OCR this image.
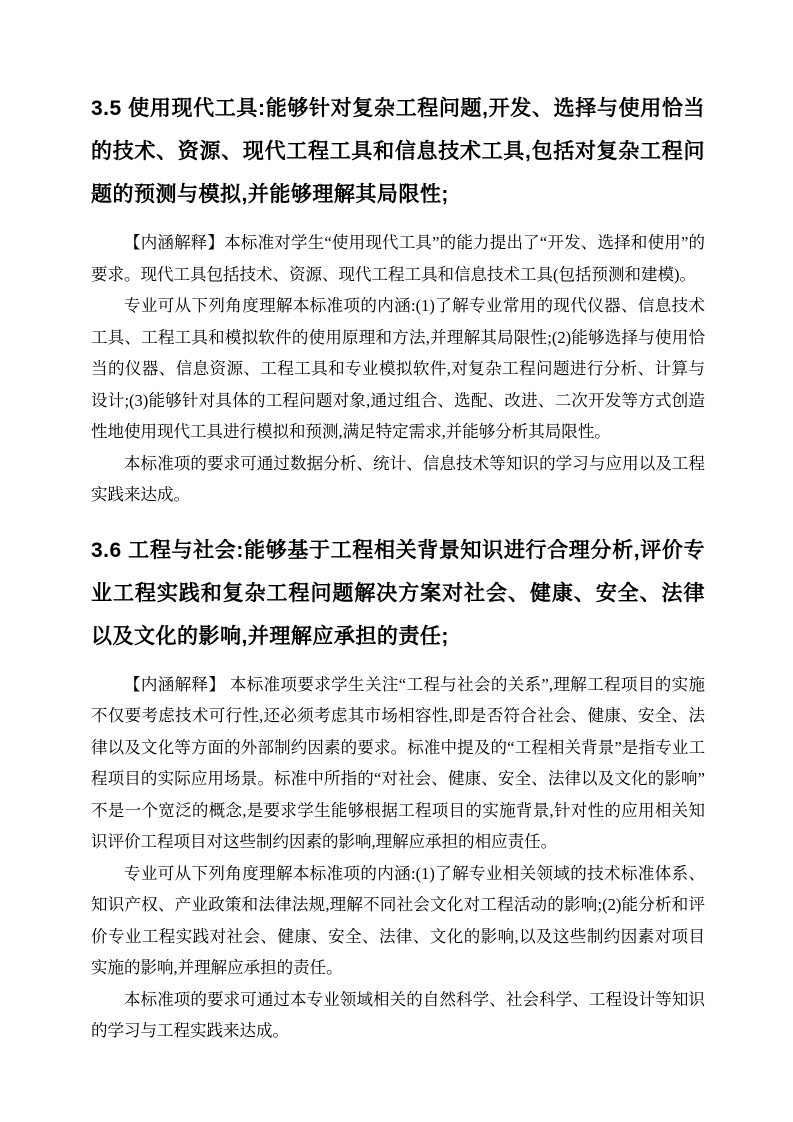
3.5 使用现代工具:能够针对复杂工程问题,开发、选择与使用恰当的技术、资源、现代工程工具和信息技术工具,包括对复杂工程问题的预测与模拟,并能够理解其局限性;

【内涵解释】本标准对学生“使用现代工具”的能力提出了“开发、选择和使用”的要求。现代工具包括技术、资源、现代工程工具和信息技术工具(包括预测和建模)。

专业可从下列角度理解本标准项的内涵:(1)了解专业常用的现代仪器、信息技术工具、工程工具和模拟软件的使用原理和方法,并理解其局限性;(2)能够选择与使用恰当的仪器、信息资源、工程工具和专业模拟软件,对复杂工程问题进行分析、计算与设计;(3)能够针对具体的工程问题对象,通过组合、选配、改进、二次开发等方式创造性地使用现代工具进行模拟和预测,满足特定需求,并能够分析其局限性。

本标准项的要求可通过数据分析、统计、信息技术等知识的学习与应用以及工程实践来达成。

3.6 工程与社会:能够基于工程相关背景知识进行合理分析,评价专业工程实践和复杂工程问题解决方案对社会、健康、安全、法律以及文化的影响,并理解应承担的责任;

【内涵解释】 本标准项要求学生关注“工程与社会的关系”,理解工程项目的实施不仅要考虑技术可行性,还必须考虑其市场相容性,即是否符合社会、健康、安全、法律以及文化等方面的外部制约因素的要求。标准中提及的“工程相关背景”是指专业工程项目的实际应用场景。标准中所指的“对社会、健康、安全、法律以及文化的影响”不是一个宽泛的概念,是要求学生能够根据工程项目的实施背景,针对性的应用相关知识评价工程项目对这些制约因素的影响,理解应承担的相应责任。

专业可从下列角度理解本标准项的内涵:(1)了解专业相关领域的技术标准体系、知识产权、产业政策和法律法规,理解不同社会文化对工程活动的影响;(2)能分析和评价专业工程实践对社会、健康、安全、法律、文化的影响,以及这些制约因素对项目实施的影响,并理解应承担的责任。

本标准项的要求可通过本专业领域相关的自然科学、社会科学、工程设计等知识的学习与工程实践来达成。
